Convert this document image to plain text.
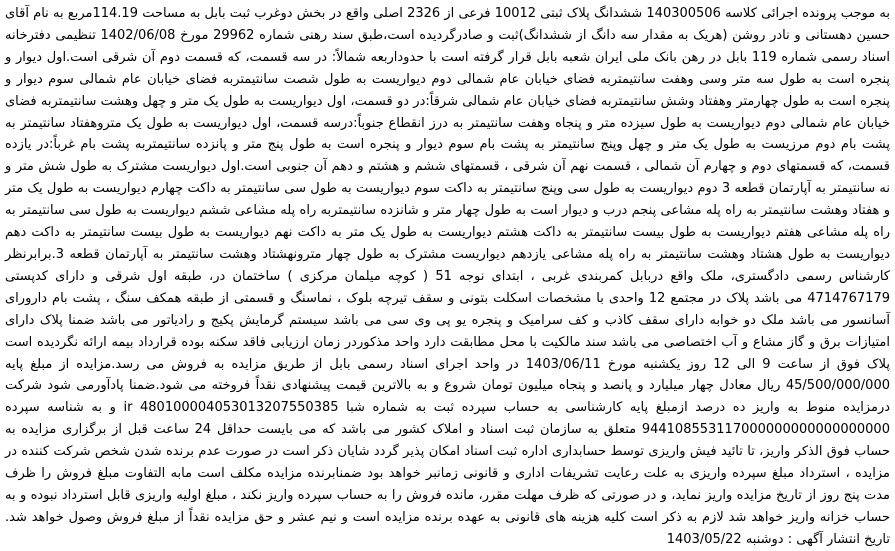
به موجب پرونده اجرائی کلاسه 140300506 ششدانگ پلاک ثبتی 10012 فرعی از 2326 اصلی واقع در بخش دوغرب ثبت بابل به مساحت 114.19مربع به نام آقای حسین دهستانی و نادر روشن (هریک به مقدار سه دانگ از ششدانگ)ثبت و صادرگردیده است،طبق سند رهنی شماره 29962 مورخ 1402/06/08 تنظیمی دفترخانه اسناد رسمی شماره 119 بابل در رهن بانک ملی ایران شعبه بابل قرار گرفته است با حدوداربعه شمالاً: در سه قسمت، که قسمت دوم آن شرقی است.اول دیوار و پنجره است به طول سه متر وسی وهفت سانتیمتربه فضای خیابان عام شمالی دوم دیواریست به طول شصت سانتیمتربه فضای خیابان عام شمالی سوم دیوار و پنجره است به طول چهارمتر وهفتاد وشش سانتیمتربه فضای خیابان عام شمالی شرقاً:در دو قسمت، اول دیواریست به طول یک متر و چهل وهشت سانتیمتربه فضای خیابان عام شمالی دوم دیواریست به طول سیزده متر و پنجاه وهفت سانتیمتر به درز انقطاع جنوباً:درسه قسمت، اول دیواریست به طول یک متروهفتاد سانتیمتر به پشت بام دوم مرزیست به طول یک متر و چهل وپنج سانتیمتر به پشت بام سوم دیوار و پنجره است به طول پنج متر و پانزده سانتیمتربه پشت بام غرباً:در یازده قسمت، که قسمتهای دوم و چهارم آن شمالی ، قسمت نهم آن شرقی ، قسمتهای ششم و هشتم و دهم آن جنوبی است.اول دیواریست مشترک به طول شش متر و نه سانتیمتر به آپارتمان قطعه 3 دوم دیواریست به طول سی وپنج سانتیمتر به داکت سوم دیواریست به طول سی سانتیمتر به داکت چهارم دیواریست به طول یک متر و هفتاد وهشت سانتیمتر به راه پله مشاعی پنجم درب و دیوار است به طول چهار متر و شانزده سانتیمتربه راه پله مشاعی ششم دیواریست به طول سی سانتیمتر به راه پله مشاعی هفتم دیواریست به طول بیست سانتیمتر به داکت هشتم دیواریست به طول یک متر به داکت نهم دیواریست به طول بیست سانتیمتر به داکت دهم دیواریست به طول هشتاد وهشت سانتیمتر به راه پله مشاعی یازدهم دیواریست مشترک به طول چهار مترونهشتاد وهشت سانتیمتر به آپارتمان قطعه 3.برابرنظر کارشناس رسمی دادگستری، ملک واقع دربابل کمربندی غربی ، ابتدای نوجه 51 ( کوچه میلمان مرکزی ) ساختمان در، طبقه اول شرقی و دارای کدپستی 4714767179 می باشد پلاک در مجتمع 12 واحدی با مشخصات اسکلت بتونی و سقف تیرچه بلوک ، نماسنگ و قسمتی از طبقه همکف سنگ ، پشت بام دارورای آسانسور می باشد ملک دو خوابه دارای سقف کاذب و کف سرامیک و پنجره یو پی وی سی می باشد سیستم گرمایش پکیج و رادیاتور می باشد ضمنا پلاک دارای امتیازات برق و گاز مشاع و آب اختصاصی می باشد سند مالکیت با محل مطابقت دارد واحد مذکوردر زمان ارزیابی فاقد سکنه بوده قرارداد بیمه ارائه نگردیده است پلاک فوق از ساعت 9 الی 12 روز یکشنبه مورخ 1403/06/11 در واحد اجرای اسناد رسمی بابل از طریق مزایده به فروش می رسد.مزایده از مبلغ پایه 45/500/000/000 ریال معادل چهار میلیارد و پانصد و پنجاه میلیون تومان شروع و به بالاترین قیمت پیشنهادی نقداً فروخته می شود.ضمنا پادآورمی شود شرکت درمزایده منوط به واریز ده درصد ازمبلغ پایه کارشناسی به حساب سپرده ثبت به شماره شبا ir 480100004053013207550385 و به شناسه سپرده 944108553117000000000000000000 متعلق به سازمان ثبت اسناد و املاک کشور می باشد که می بایست حداقل 24 ساعت قبل از برگزاری مزایده به حساب فوق الذکر واریز، تا تائید فیش واریزی توسط حسابداری اداره ثبت اسناد امکان پذیر گردد شایان ذکر است در صورت عدم برنده شدن شخص شرکت کننده در مزایده ، استرداد مبلغ سپرده واریزی به علت رعایت تشریفات اداری و قانونی زمانبر خواهد بود ضمنابرنده مزایده مکلف است مابه التفاوت مبلغ فروش را ظرف مدت پنج روز از تاریخ مزایده واریز نماید، و در صورتی که ظرف مهلت مقرر، مانده فروش را به حساب سپرده واریز نکند ، مبلغ اولیه واریزی قابل استرداد نبوده و به حساب خزانه واریز خواهد شد لازم به ذکر است کلیه هزینه های قانونی به عهده برنده مزایده است و نیم عشر و حق مزایده نقداً از مبلغ فروش وصول خواهد شد. تاریخ انتشار آگهی : دوشنبه 1403/05/22
